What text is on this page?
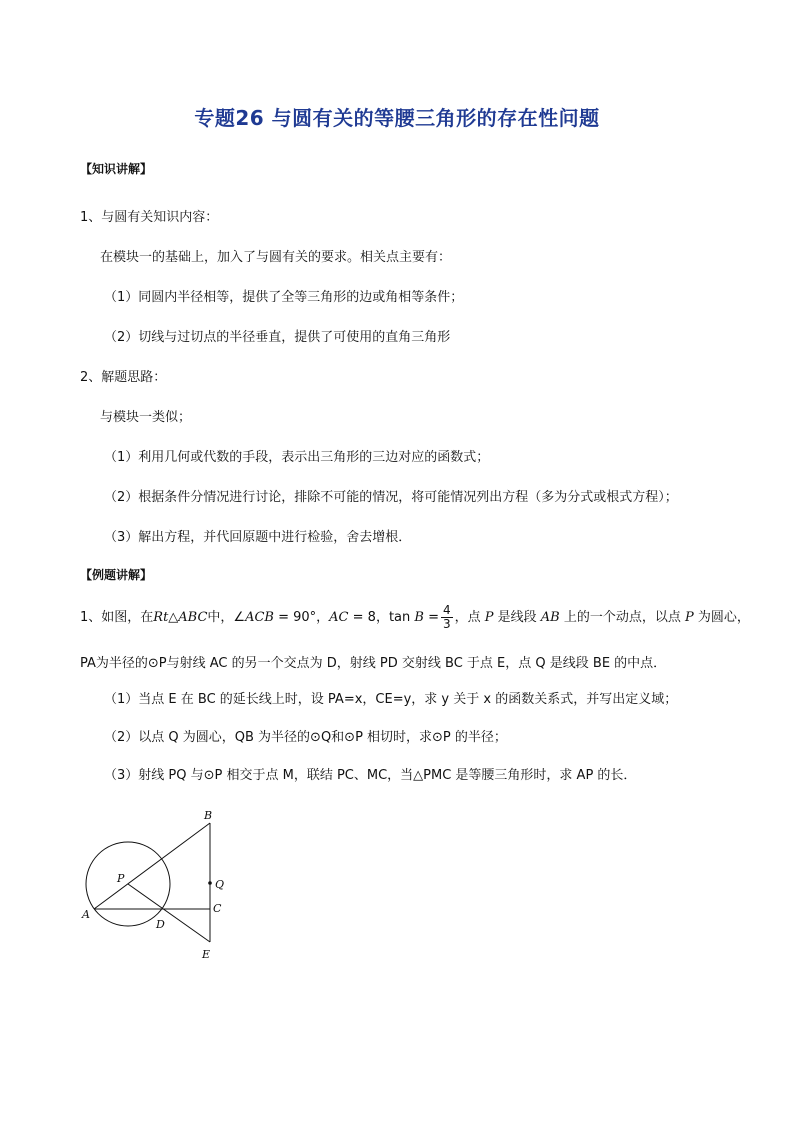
专题26 与圆有关的等腰三角形的存在性问题
【知识讲解】
1、与圆有关知识内容：
在模块一的基础上，加入了与圆有关的要求。相关点主要有：
（1）同圆内半径相等，提供了全等三角形的边或角相等条件；
（2）切线与过切点的半径垂直，提供了可使用的直角三角形
2、解题思路：
与模块一类似；
（1）利用几何或代数的手段，表示出三角形的三边对应的函数式；
（2）根据条件分情况进行讨论，排除不可能的情况，将可能情况列出方程（多为分式或根式方程）；
（3）解出方程，并代回原题中进行检验，舍去增根．
【例题讲解】
1、如图，在Rt△ABC中，∠ACB = 90°，AC = 8，$\tan B = \frac{4}{3}$ ，点 P 是线段 AB 上的一个动点，以点 P 为圆心，
PA为半径的⊙P与射线 AC 的另一个交点为 D，射线 PD 交射线 BC 于点 E，点 Q 是线段 BE 的中点．
（1）当点 E 在 BC 的延长线上时，设 PA=x，CE=y，求 y 关于 x 的函数关系式，并写出定义域；
（2）以点 Q 为圆心，QB 为半径的⊙Q和⊙P 相切时，求⊙P 的半径；
（3）射线 PQ 与⊙P 相交于点 M，联结 PC、MC，当△PMC 是等腰三角形时，求 AP 的长．
B
P	Q
A	C
D
E
